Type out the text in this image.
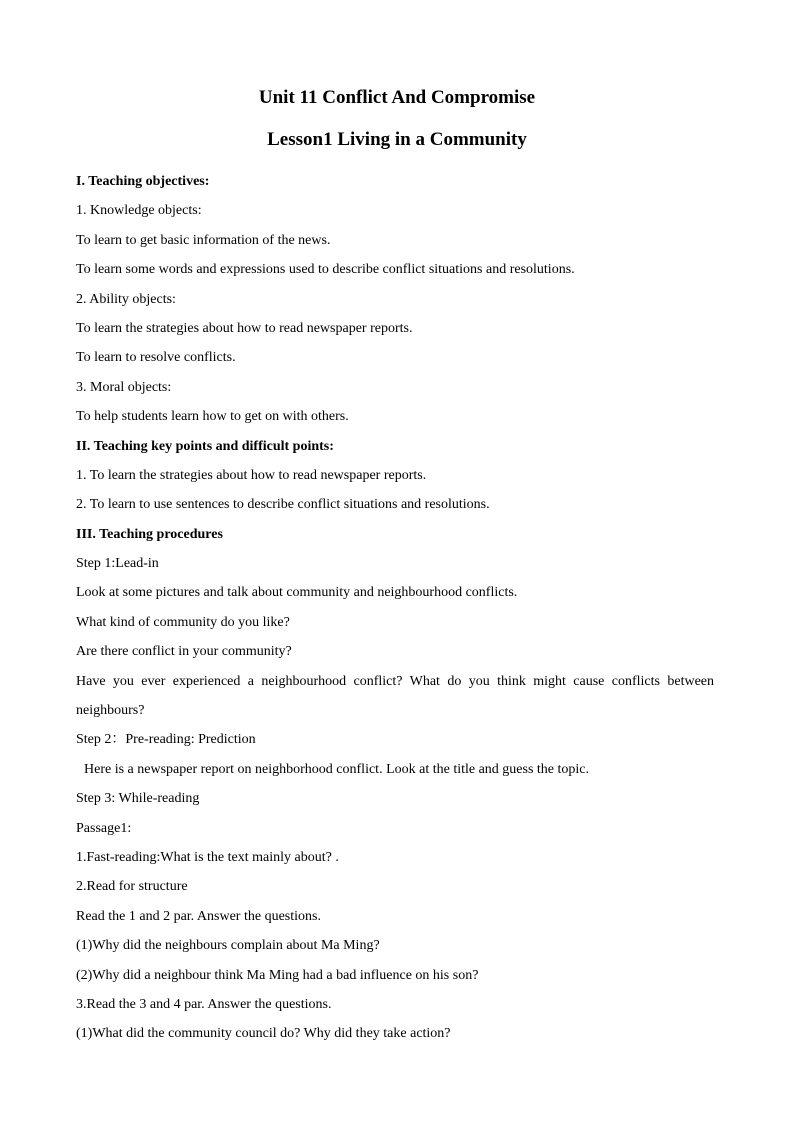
Unit 11 Conflict And Compromise
Lesson1 Living in a Community

I. Teaching objectives:

1. Knowledge objects:

To learn to get basic information of the news.

To learn some words and expressions used to describe conflict situations and resolutions.

2. Ability objects:

To learn the strategies about how to read newspaper reports.

To learn to resolve conflicts.

3. Moral objects:

To help students learn how to get on with others.

II. Teaching key points and difficult points:

1. To learn the strategies about how to read newspaper reports.

2. To learn to use sentences to describe conflict situations and resolutions.

III. Teaching procedures

Step 1:Lead-in

Look at some pictures and talk about community and neighbourhood conflicts.

What kind of community do you like?

Are there conflict in your community?

Have you ever experienced a neighbourhood conflict? What do you think might cause conflicts between neighbours?

Step 2：Pre-reading: Prediction

Here is a newspaper report on neighborhood conflict. Look at the title and guess the topic.

Step 3: While-reading

Passage1:

1.Fast-reading:What is the text mainly about? .

2.Read for structure

Read the 1 and 2 par. Answer the questions.

(1)Why did the neighbours complain about Ma Ming?

(2)Why did a neighbour think Ma Ming had a bad influence on his son?

3.Read the 3 and 4 par. Answer the questions.

(1)What did the community council do? Why did they take action?
